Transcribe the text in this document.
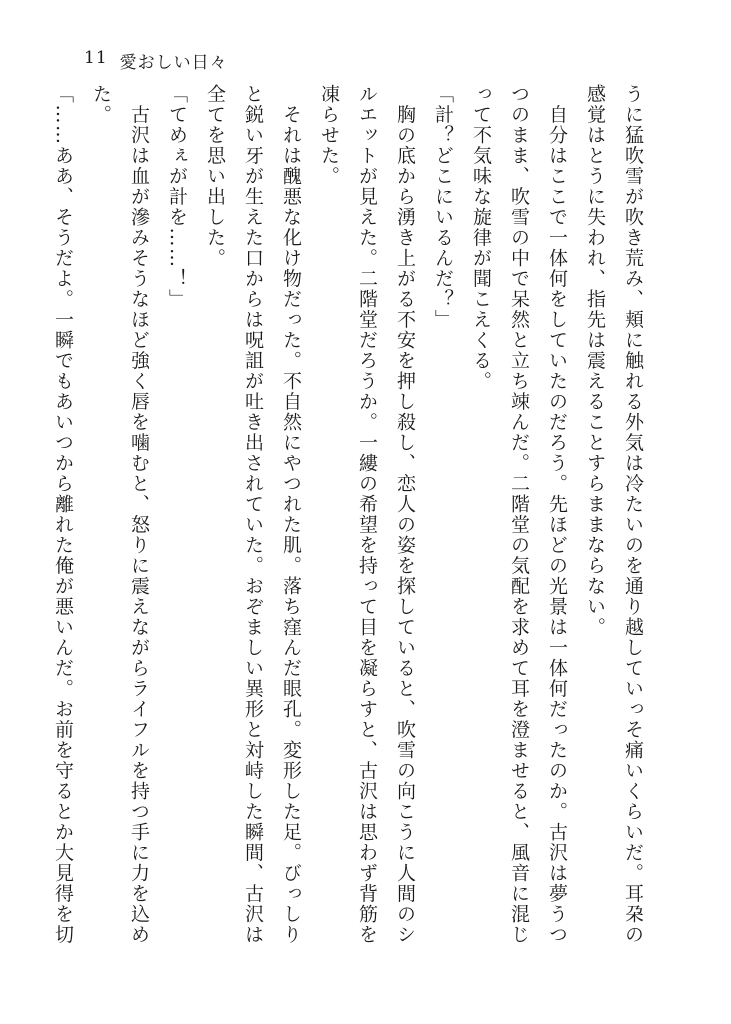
11 愛おしい日々
うに猛吹雪が吹き荒み、頬に触れる外気は冷たいのを通り越していっそ痛いくらいだ。耳朶の
感覚はとうに失われ、指先は震えることすらままならない。
　自分はここで一体何をしていたのだろう。先ほどの光景は一体何だったのか。古沢は夢うつ
つのまま、吹雪の中で呆然と立ち竦んだ。二階堂の気配を求めて耳を澄ませると、風音に混じ
って不気味な旋律が聞こえくる。
「計？どこにいるんだ？」
　胸の底から湧き上がる不安を押し殺し、恋人の姿を探していると、吹雪の向こうに人間のシ
ルエットが見えた。二階堂だろうか。一縷の希望を持って目を凝らすと、古沢は思わず背筋を
凍らせた。
　それは醜悪な化け物だった。不自然にやつれた肌。落ち窪んだ眼孔。変形した足。びっしり
と鋭い牙が生えた口からは呪詛が吐き出されていた。おぞましい異形と対峙した瞬間、古沢は
全てを思い出した。
「てめぇが計を……！」
　古沢は血が滲みそうなほど強く唇を噛むと、怒りに震えながらライフルを持つ手に力を込め
た。
「……ああ、そうだよ。一瞬でもあいつから離れた俺が悪いんだ。お前を守るとか大見得を切
